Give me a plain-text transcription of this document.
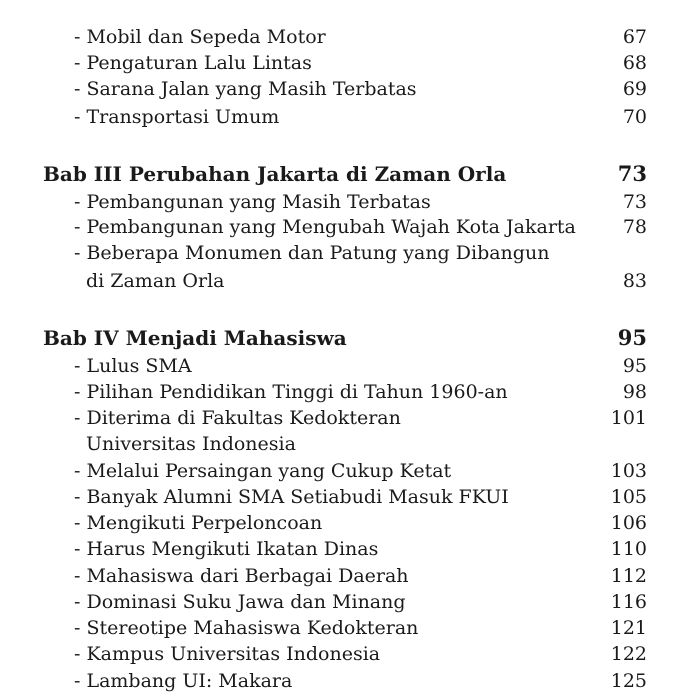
- Mobil dan Sepeda Motor	67
- Pengaturan Lalu Lintas	68
- Sarana Jalan yang Masih Terbatas	69
- Transportasi Umum	70
Bab III Perubahan Jakarta di Zaman Orla	73
- Pembangunan yang Masih Terbatas	73
- Pembangunan yang Mengubah Wajah Kota Jakarta 78
- Beberapa Monumen dan Patung yang Dibangun
di Zaman Orla	83
Bab IV Menjadi Mahasiswa	95
- Lulus SMA	95
- Pilihan Pendidikan Tinggi di Tahun 1960-an	98
- Diterima di Fakultas Kedokteran	101
Universitas Indonesia
- Melalui Persaingan yang Cukup Ketat	103
- Banyak Alumni SMA Setiabudi Masuk FKUI	105
- Mengikuti Perpeloncoan	106
- Harus Mengikuti Ikatan Dinas	110
- Mahasiswa dari Berbagai Daerah	112
- Dominasi Suku Jawa dan Minang	116
- Stereotipe Mahasiswa Kedokteran	121
- Kampus Universitas Indonesia	122
- Lambang UI: Makara	125
